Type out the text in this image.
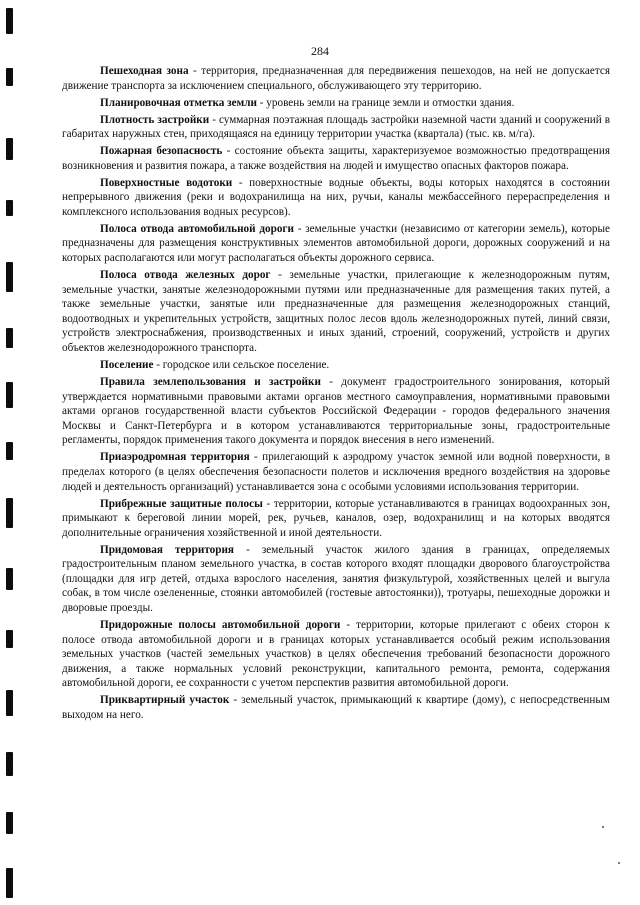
284

Пешеходная зона - территория, предназначенная для передвижения пешеходов, на ней не допускается движение транспорта за исключением специального, обслуживающего эту территорию.

Планировочная отметка земли - уровень земли на границе земли и отмостки здания.

Плотность застройки - суммарная поэтажная площадь застройки наземной части зданий и сооружений в габаритах наружных стен, приходящаяся на единицу территории участка (квартала) (тыс. кв. м/га).

Пожарная безопасность - состояние объекта защиты, характеризуемое возможностью предотвращения возникновения и развития пожара, а также воздействия на людей и имущество опасных факторов пожара.

Поверхностные водотоки - поверхностные водные объекты, воды которых находятся в состоянии непрерывного движения (реки и водохранилища на них, ручьи, каналы межбассейного перераспределения и комплексного использования водных ресурсов).

Полоса отвода автомобильной дороги - земельные участки (независимо от категории земель), которые предназначены для размещения конструктивных элементов автомобильной дороги, дорожных сооружений и на которых располагаются или могут располагаться объекты дорожного сервиса.

Полоса отвода железных дорог - земельные участки, прилегающие к железнодорожным путям, земельные участки, занятые железнодорожными путями или предназначенные для размещения таких путей, а также земельные участки, занятые или предназначенные для размещения железнодорожных станций, водоотводных и укрепительных устройств, защитных полос лесов вдоль железнодорожных путей, линий связи, устройств электроснабжения, производственных и иных зданий, строений, сооружений, устройств и других объектов железнодорожного транспорта.

Поселение - городское или сельское поселение.

Правила землепользования и застройки - документ градостроительного зонирования, который утверждается нормативными правовыми актами органов местного самоуправления, нормативными правовыми актами органов государственной власти субъектов Российской Федерации - городов федерального значения Москвы и Санкт-Петербурга и в котором устанавливаются территориальные зоны, градостроительные регламенты, порядок применения такого документа и порядок внесения в него изменений.

Приаэродромная территория - прилегающий к аэродрому участок земной или водной поверхности, в пределах которого (в целях обеспечения безопасности полетов и исключения вредного воздействия на здоровье людей и деятельность организаций) устанавливается зона с особыми условиями использования территории.

Прибрежные защитные полосы - территории, которые устанавливаются в границах водоохранных зон, примыкают к береговой линии морей, рек, ручьев, каналов, озер, водохранилищ и на которых вводятся дополнительные ограничения хозяйственной и иной деятельности.

Придомовая территория - земельный участок жилого здания в границах, определяемых градостроительным планом земельного участка, в состав которого входят площадки дворового благоустройства (площадки для игр детей, отдыха взрослого населения, занятия физкультурой, хозяйственных целей и выгула собак, в том числе озелененные, стоянки автомобилей (гостевые автостоянки)), тротуары, пешеходные дорожки и дворовые проезды.

Придорожные полосы автомобильной дороги - территории, которые прилегают с обеих сторон к полосе отвода автомобильной дороги и в границах которых устанавливается особый режим использования земельных участков (частей земельных участков) в целях обеспечения требований безопасности дорожного движения, а также нормальных условий реконструкции, капитального ремонта, ремонта, содержания автомобильной дороги, ее сохранности с учетом перспектив развития автомобильной дороги.

Приквартирный участок - земельный участок, примыкающий к квартире (дому), с непосредственным выходом на него.
